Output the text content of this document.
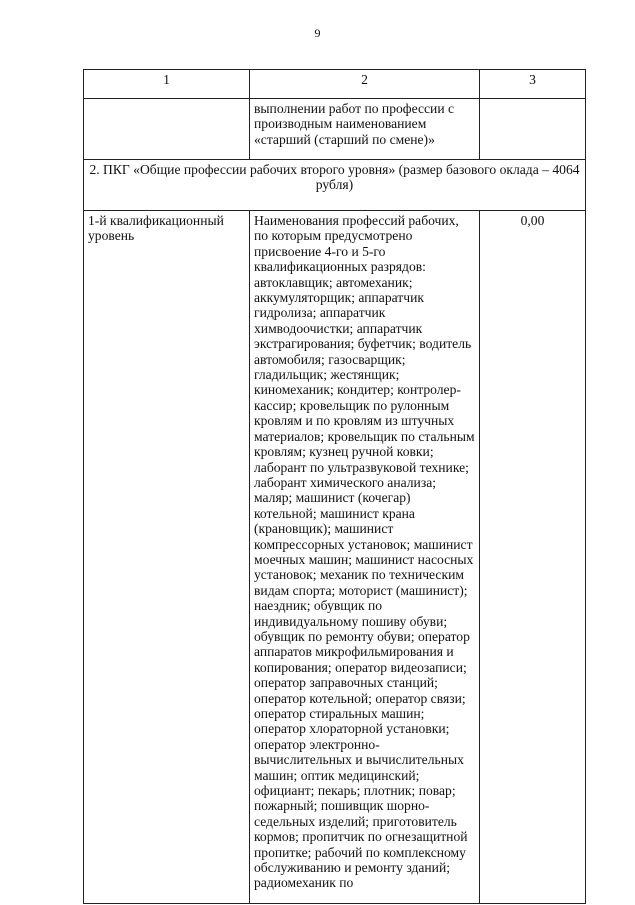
9
1	2	3
	выполнении работ по профессии с производным наименованием «старший (старший по смене)»	
2. ПКГ «Общие профессии рабочих второго уровня» (размер базового оклада – 4064 рубля)		
1-й квалификационный уровень	Наименования профессий рабочих, по которым предусмотрено присвоение 4-го и 5-го квалификационных разрядов: автоклавщик; автомеханик; аккумуляторщик; аппаратчик гидролиза; аппаратчик химводоочистки; аппаратчик экстрагирования; буфетчик; водитель автомобиля; газосварщик; гладильщик; жестянщик; киномеханик; кондитер; контролер-кассир; кровельщик по рулонным кровлям и по кровлям из штучных материалов; кровельщик по стальным кровлям; кузнец ручной ковки; лаборант по ультразвуковой технике; лаборант химического анализа; маляр; машинист (кочегар) котельной; машинист крана (крановщик); машинист компрессорных установок; машинист моечных машин; машинист насосных установок; механик по техническим видам спорта; моторист (машинист); наездник; обувщик по индивидуальному пошиву обуви; обувщик по ремонту обуви; оператор аппаратов микрофильмирования и копирования; оператор видеозаписи; оператор заправочных станций; оператор котельной; оператор связи; оператор стиральных машин; оператор хлораторной установки; оператор электронно-вычислительных и вычислительных машин; оптик медицинский; официант; пекарь; плотник; повар; пожарный; пошивщик шорно-седельных изделий; приготовитель кормов; пропитчик по огнезащитной пропитке; рабочий по комплексному обслуживанию и ремонту зданий; радиомеханик по	0,00
